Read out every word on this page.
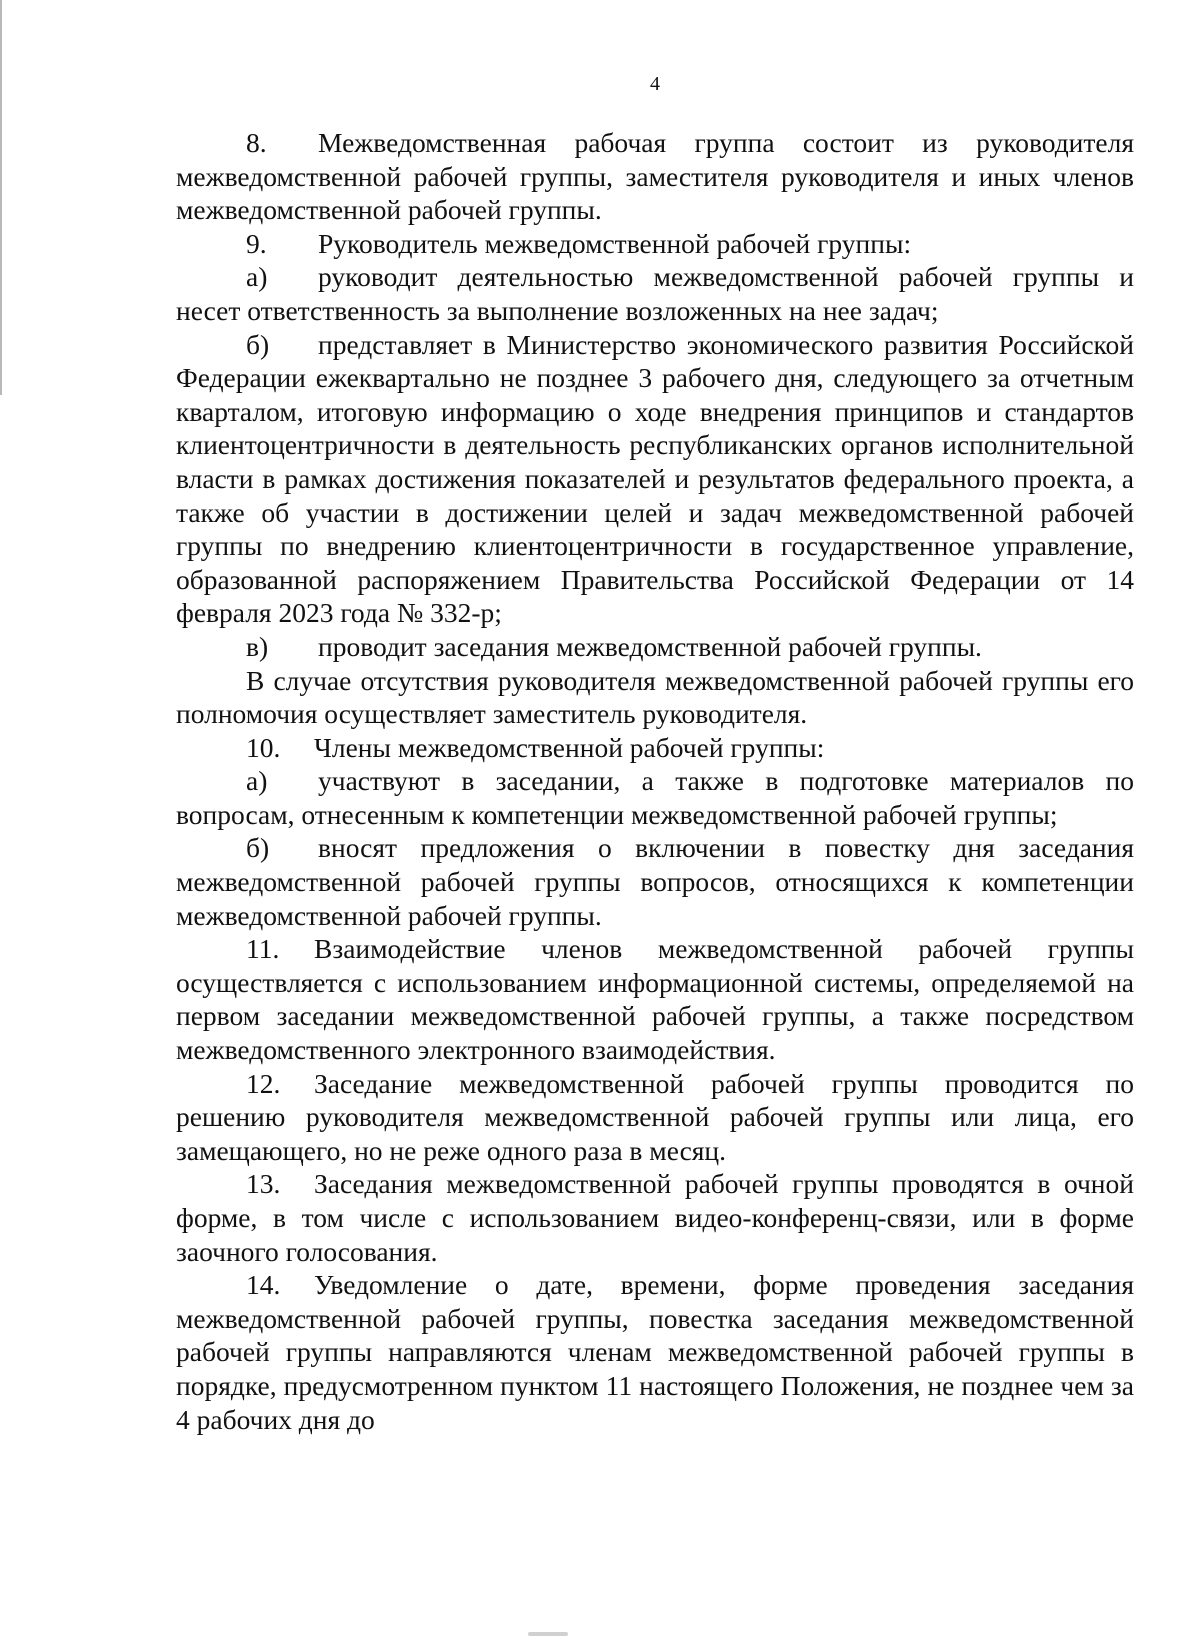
4

8. Межведомственная рабочая группа состоит из руководителя межведомственной рабочей группы, заместителя руководителя и иных членов межведомственной рабочей группы.

9. Руководитель межведомственной рабочей группы:

а) руководит деятельностью межведомственной рабочей группы и несет ответственность за выполнение возложенных на нее задач;

б) представляет в Министерство экономического развития Российской Федерации ежеквартально не позднее 3 рабочего дня, следующего за отчетным кварталом, итоговую информацию о ходе внедрения принципов и стандартов клиентоцентричности в деятельность республиканских органов исполнительной власти в рамках достижения показателей и результатов федерального проекта, а также об участии в достижении целей и задач межведомственной рабочей группы по внедрению клиентоцентричности в государственное управление, образованной распоряжением Правительства Российской Федерации от 14 февраля 2023 года № 332-р;

в) проводит заседания межведомственной рабочей группы.

В случае отсутствия руководителя межведомственной рабочей группы его полномочия осуществляет заместитель руководителя.

10. Члены межведомственной рабочей группы:

а) участвуют в заседании, а также в подготовке материалов по вопросам, отнесенным к компетенции межведомственной рабочей группы;

б) вносят предложения о включении в повестку дня заседания межведомственной рабочей группы вопросов, относящихся к компетенции межведомственной рабочей группы.

11. Взаимодействие членов межведомственной рабочей группы осуществляется с использованием информационной системы, определяемой на первом заседании межведомственной рабочей группы, а также посредством межведомственного электронного взаимодействия.

12. Заседание межведомственной рабочей группы проводится по решению руководителя межведомственной рабочей группы или лица, его замещающего, но не реже одного раза в месяц.

13. Заседания межведомственной рабочей группы проводятся в очной форме, в том числе с использованием видео-конференц-связи, или в форме заочного голосования.

14. Уведомление о дате, времени, форме проведения заседания межведомственной рабочей группы, повестка заседания межведомственной рабочей группы направляются членам межведомственной рабочей группы в порядке, предусмотренном пунктом 11 настоящего Положения, не позднее чем за 4 рабочих дня до
